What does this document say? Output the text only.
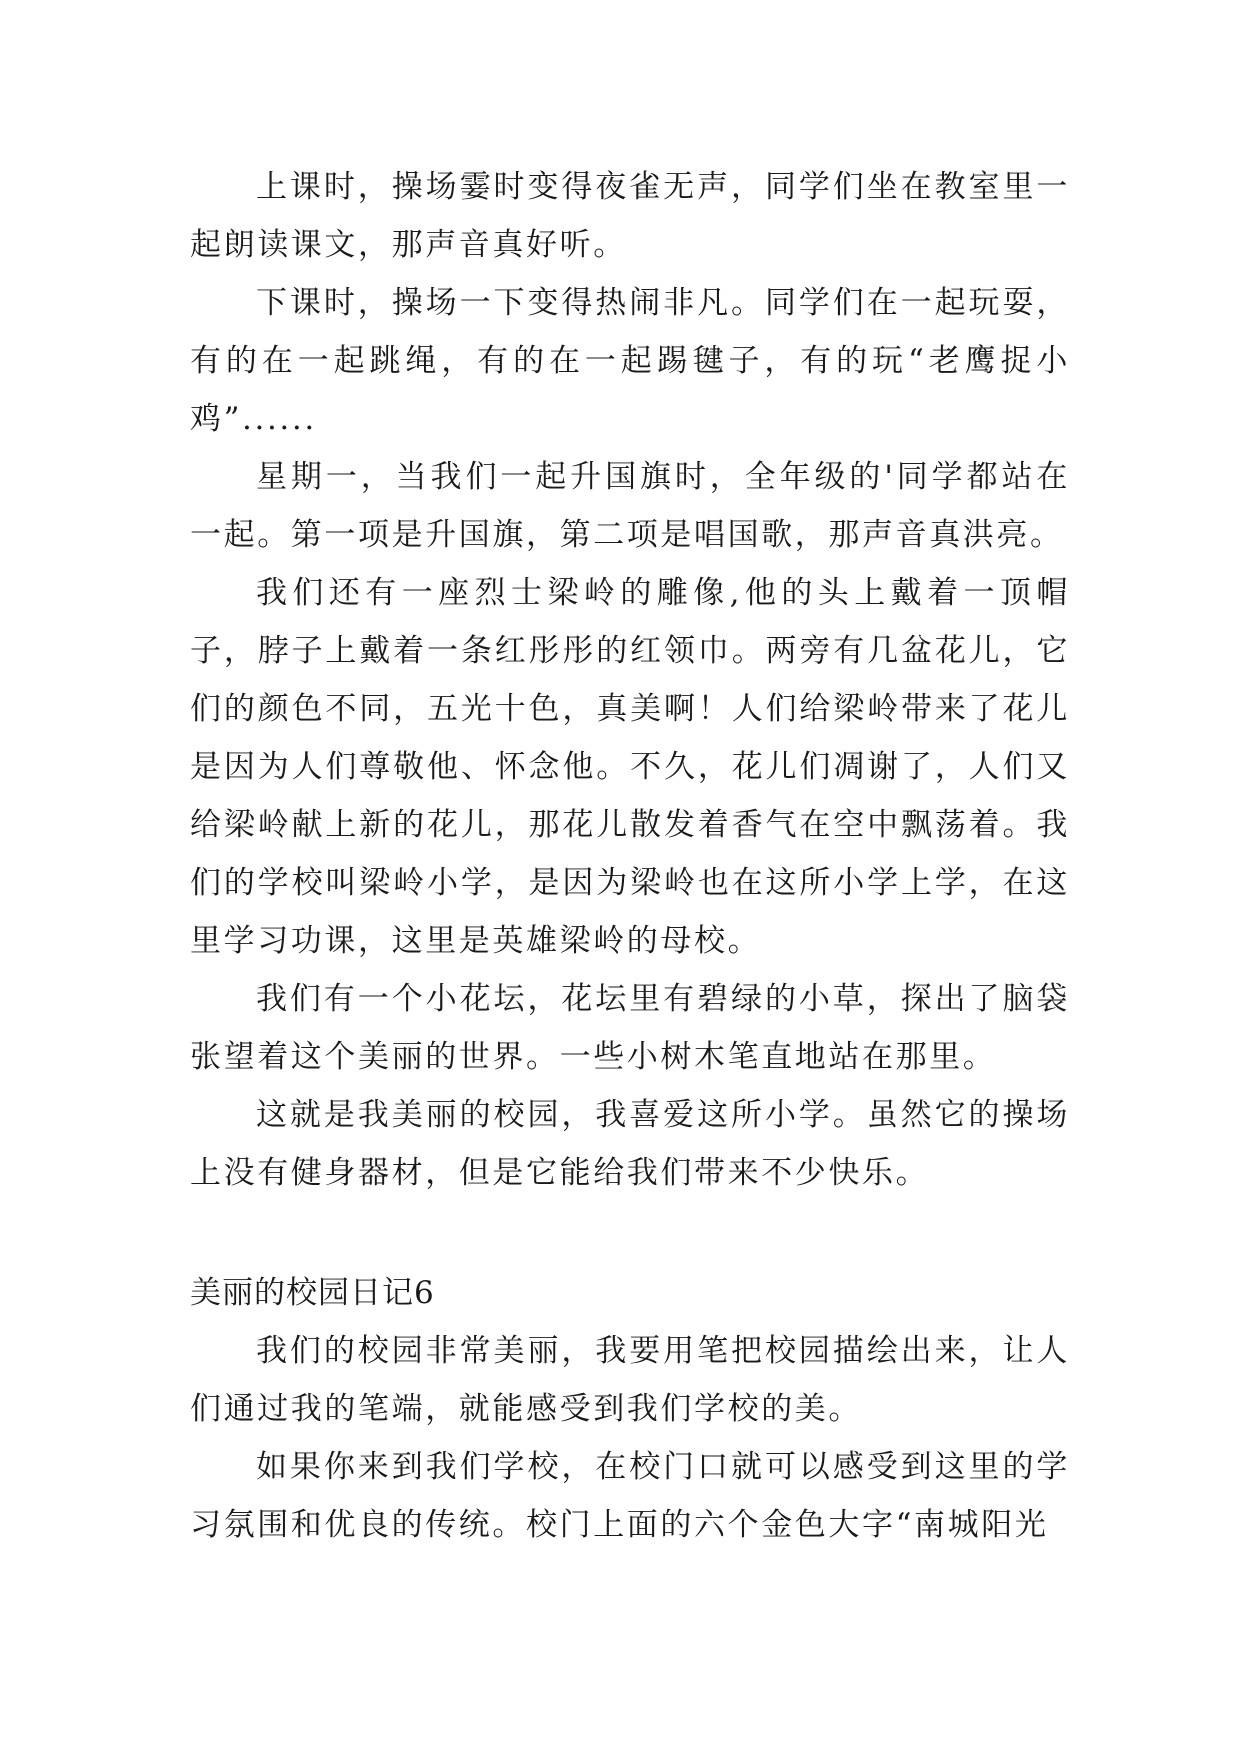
上课时，操场霎时变得夜雀无声，同学们坐在教室里一起朗读课文，那声音真好听。

下课时，操场一下变得热闹非凡。同学们在一起玩耍，有的在一起跳绳，有的在一起踢毽子，有的玩“老鹰捉小鸡”......

星期一，当我们一起升国旗时，全年级的'同学都站在一起。第一项是升国旗，第二项是唱国歌，那声音真洪亮。

我们还有一座烈士梁岭的雕像,他的头上戴着一顶帽子，脖子上戴着一条红彤彤的红领巾。两旁有几盆花儿，它们的颜色不同，五光十色，真美啊！人们给梁岭带来了花儿是因为人们尊敬他、怀念他。不久，花儿们凋谢了，人们又给梁岭献上新的花儿，那花儿散发着香气在空中飘荡着。我们的学校叫梁岭小学，是因为梁岭也在这所小学上学，在这里学习功课，这里是英雄梁岭的母校。

我们有一个小花坛，花坛里有碧绿的小草，探出了脑袋张望着这个美丽的世界。一些小树木笔直地站在那里。

这就是我美丽的校园，我喜爱这所小学。虽然它的操场上没有健身器材，但是它能给我们带来不少快乐。

美丽的校园日记6

我们的校园非常美丽，我要用笔把校园描绘出来，让人们通过我的笔端，就能感受到我们学校的美。

如果你来到我们学校，在校门口就可以感受到这里的学习氛围和优良的传统。校门上面的六个金色大字“南城阳光
